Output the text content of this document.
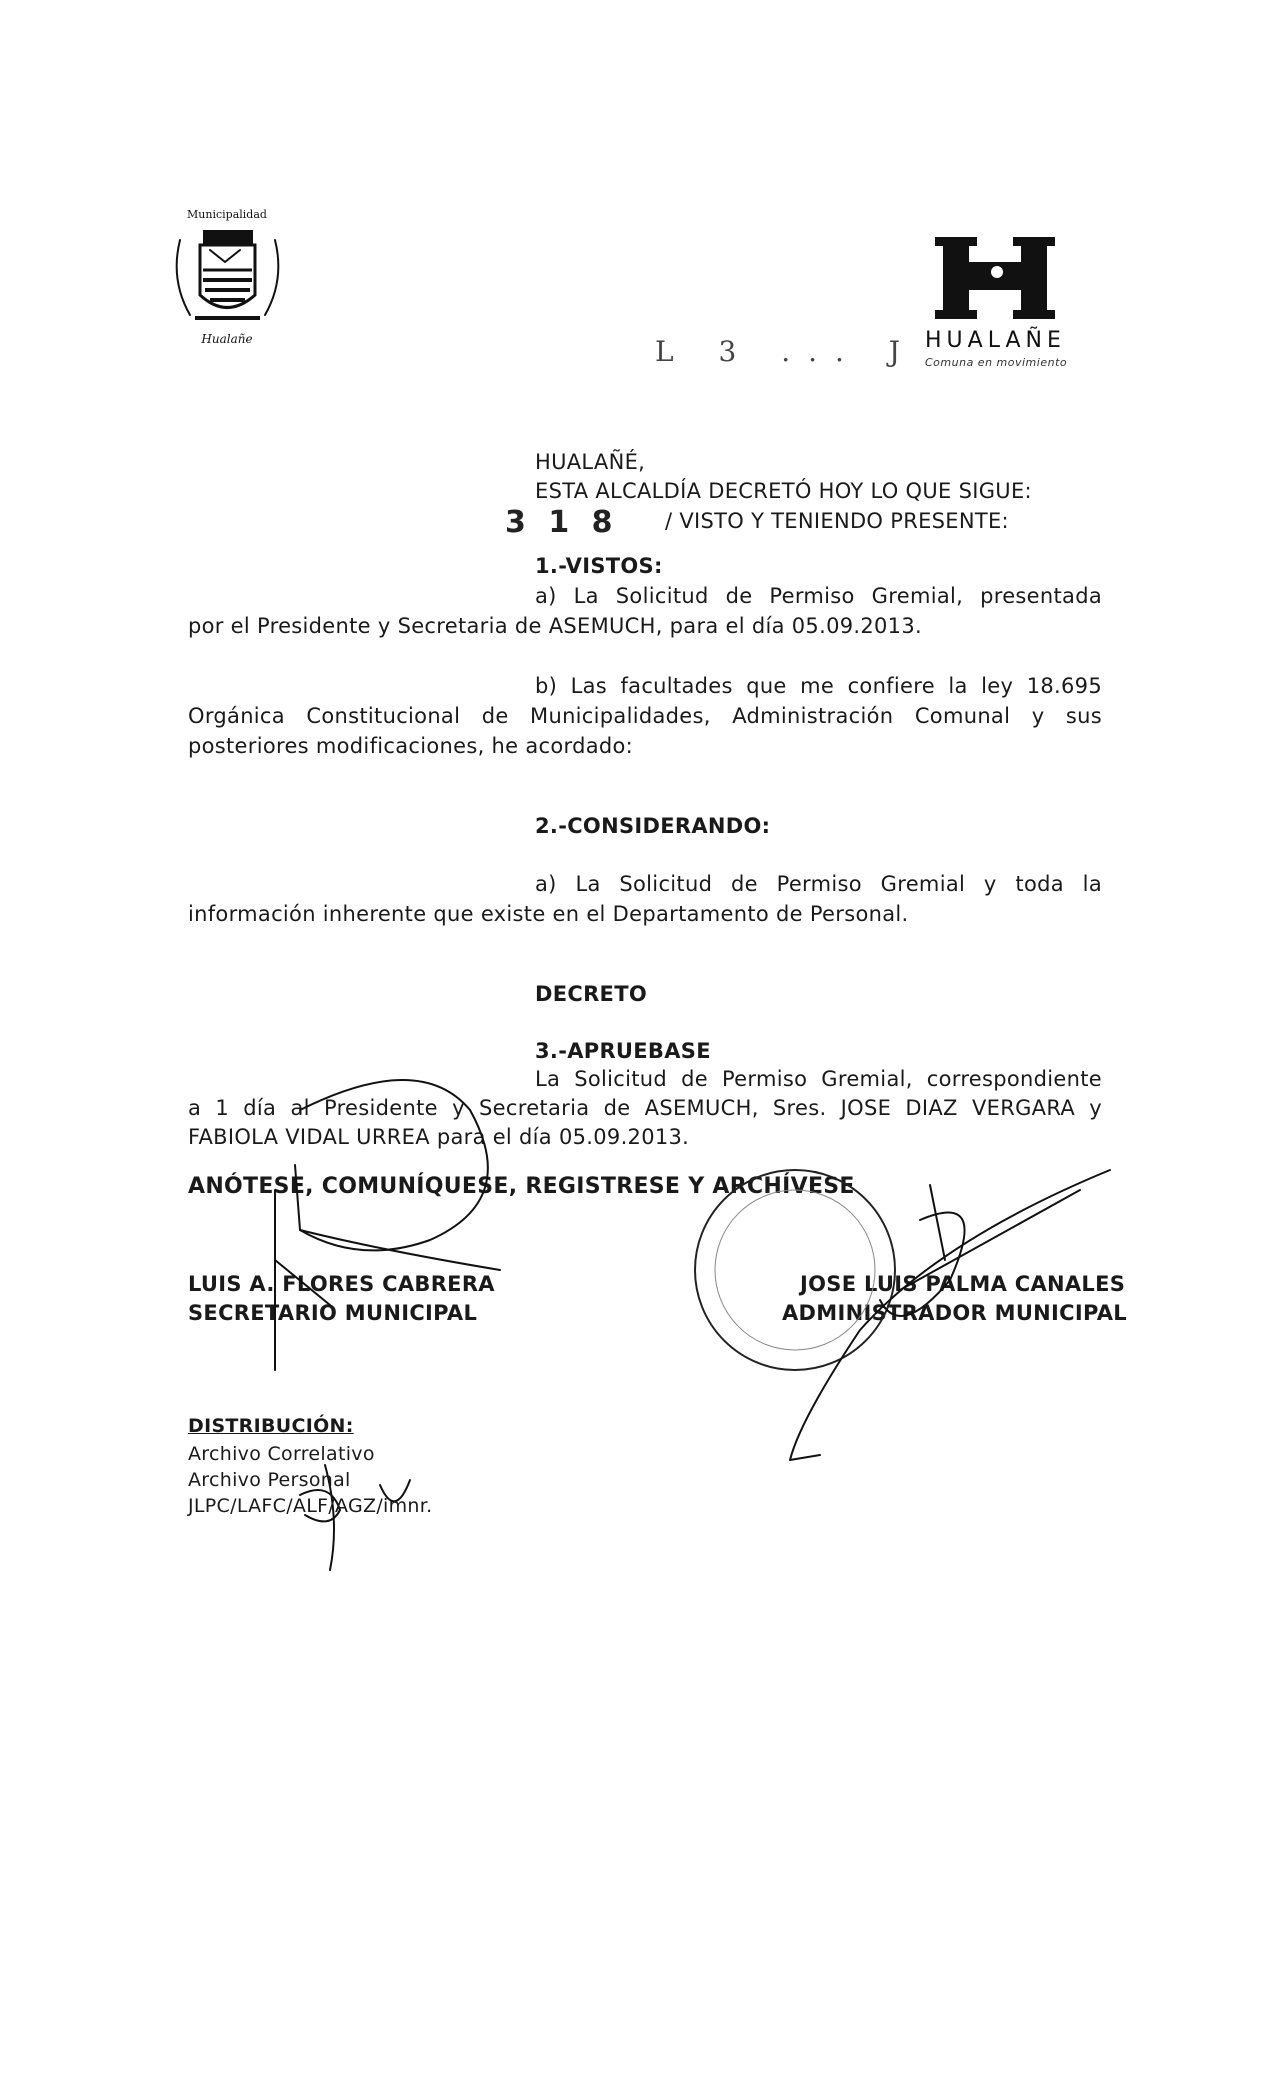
Municipalidad
Hualañe	L 3 ... J HUALAÑE
Comuna en movimiento
HUALAÑÉ,
ESTA ALCALDÍA DECRETÓ HOY LO QUE SIGUE:
3 1 8 / VISTO Y TENIENDO PRESENTE:
1.-VISTOS:
a) La Solicitud de Permiso Gremial, presentada
por el Presidente y Secretaria de ASEMUCH, para el día 05.09.2013.
b) Las facultades que me confiere la ley 18.695
Orgánica Constitucional de Municipalidades, Administración Comunal y sus
posteriores modificaciones, he acordado:
2.-CONSIDERANDO:
a) La Solicitud de Permiso Gremial y toda la
información inherente que existe en el Departamento de Personal.
DECRETO
3.-APRUEBASE
La Solicitud de Permiso Gremial, correspondiente
a 1 día al Presidente y Secretaria de ASEMUCH, Sres. JOSE DIAZ VERGARA y
FABIOLA VIDAL URREA para el día 05.09.2013.
ANÓTESE, COMUNÍQUESE, REGISTRESE Y ARCHÍVESE
LUIS A. FLORES CABRERA
SECRETARIO MUNICIPAL
JOSE LUIS PALMA CANALES
ADMINISTRADOR MUNICIPAL
DISTRIBUCIÓN:
Archivo Correlativo
Archivo Personal
JLPC/LAFC/ALF/AGZ/imnr.
